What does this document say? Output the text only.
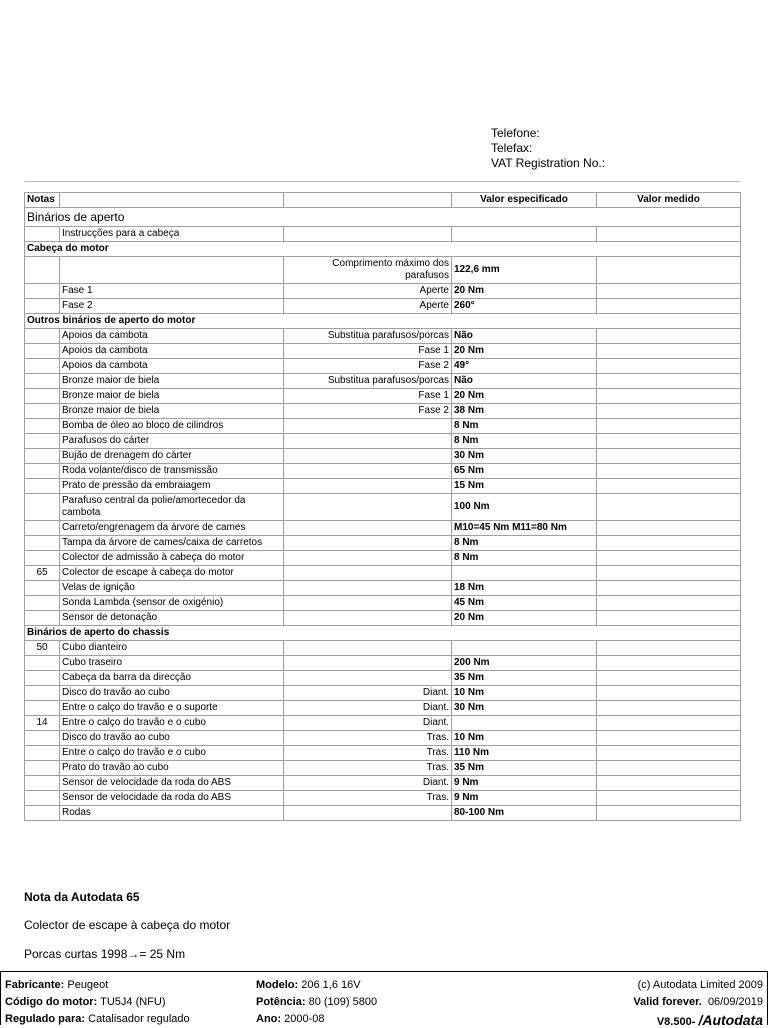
Telefone:
Telefax:
VAT Registration No.:
Notas			Valor especificado	Valor medido
Binários de aperto				
	Instrucções para a cabeça			
Cabeça do motor				
		Comprimento máximo dos parafusos	122,6 mm	
	Fase 1	Aperte	20 Nm	
	Fase 2	Aperte	260°	
Outros binários de aperto do motor				
	Apoios da cambota	Substitua parafusos/porcas	Não	
	Apoios da cambota	Fase 1	20 Nm	
	Apoios da cambota	Fase 2	49°	
	Bronze maior de biela	Substitua parafusos/porcas	Não	
	Bronze maior de biela	Fase 1	20 Nm	
	Bronze maior de biela	Fase 2	38 Nm	
	Bomba de óleo ao bloco de cilindros		8 Nm	
	Parafusos do cárter		8 Nm	
	Bujão de drenagem do cárter		30 Nm	
	Roda volante/disco de transmissão		65 Nm	
	Prato de pressão da embraiagem		15 Nm	
	Parafuso central da polie/amortecedor da cambota		100 Nm	
	Carreto/engrenagem da árvore de cames		M10=45 Nm M11=80 Nm	
	Tampa da árvore de cames/caixa de carretos		8 Nm	
	Colector de admissão à cabeça do motor		8 Nm	
65	Colector de escape à cabeça do motor			
	Velas de ignição		18 Nm	
	Sonda Lambda (sensor de oxigénio)		45 Nm	
	Sensor de detonação		20 Nm	
Binários de aperto do chassis				
50	Cubo dianteiro			
	Cubo traseiro		200 Nm	
	Cabeça da barra da direcção		35 Nm	
	Disco do travão ao cubo	Diant.	10 Nm	
	Entre o calço do travão e o suporte	Diant.	30 Nm	
14	Entre o calço do travão e o cubo	Diant.		
	Disco do travão ao cubo	Tras.	10 Nm	
	Entre o calço do travão e o cubo	Tras.	110 Nm	
	Prato do travão ao cubo	Tras.	35 Nm	
	Sensor de velocidade da roda do ABS	Diant.	9 Nm	
	Sensor de velocidade da roda do ABS	Tras.	9 Nm	
	Rodas		80-100 Nm	
Nota da Autodata 65
Colector de escape à cabeça do motor
Porcas curtas 1998→= 25 Nm
Fabricante: Peugeot
Código do motor: TU5J4 (NFU)
Regulado para: Catalisador regulado
Modelo: 206 1,6 16V
Potência: 80 (109) 5800
Ano: 2000-08
(c) Autodata Limited 2009
Valid forever. 06/09/2019
V8.500- /Autodata
